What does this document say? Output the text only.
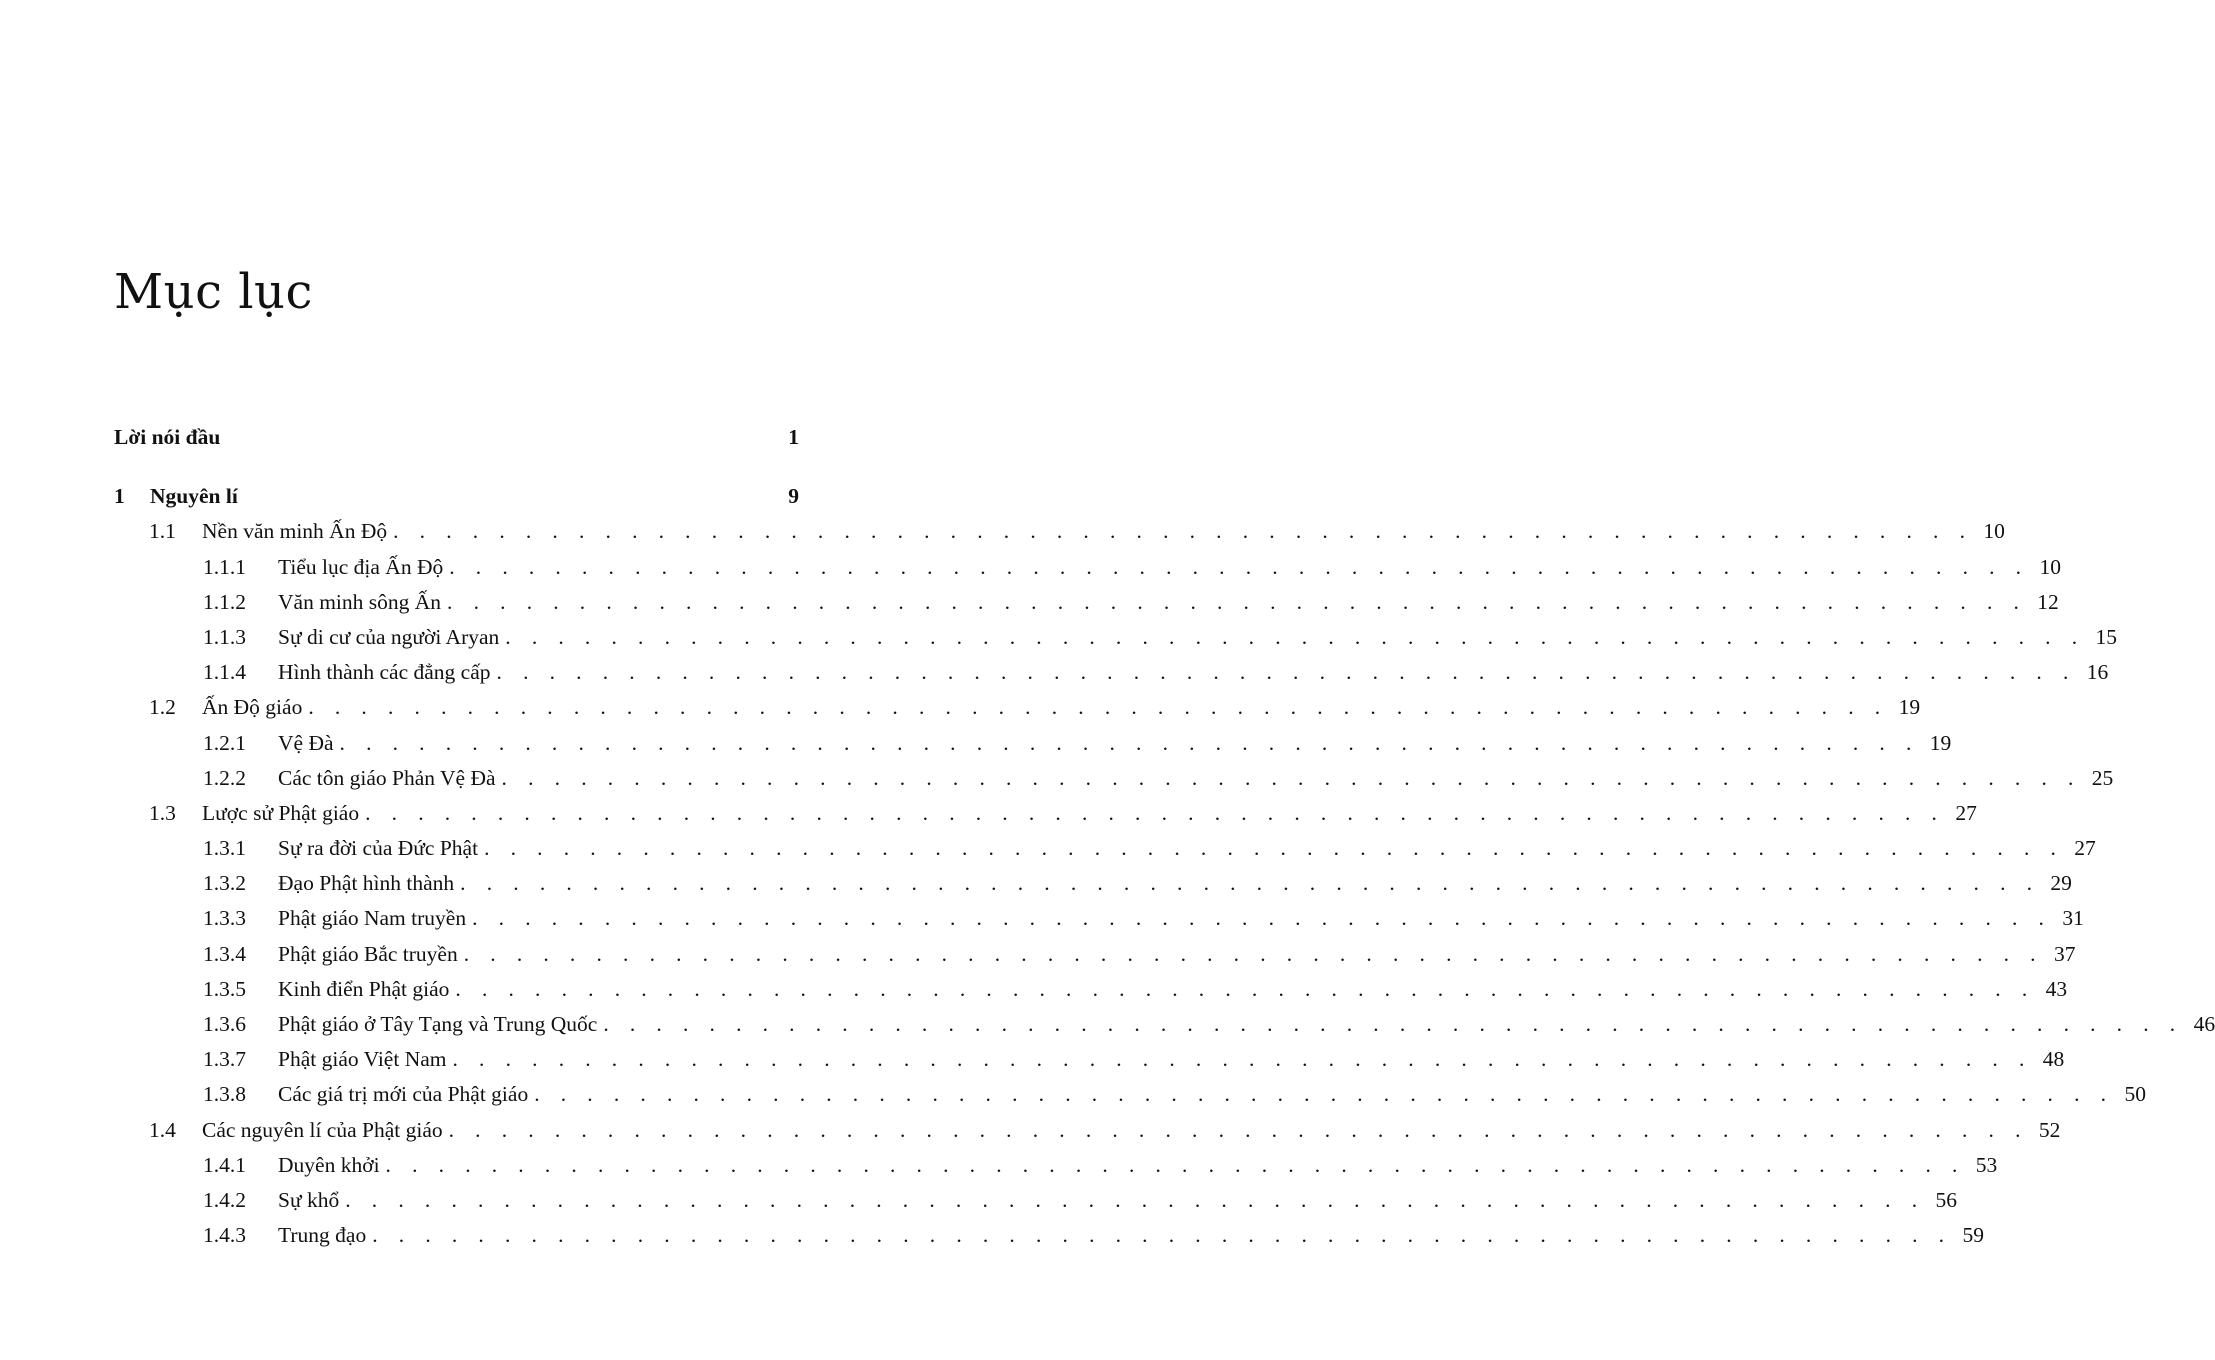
Mục lục
Lời nói đầu	1
1	Nguyên lí	9
1.1	Nền văn minh Ấn Độ . . . . . . . . . . . . . . . . . . . . . . . . . . . . . . . . . . . . . . . . . . . . . . . . . . . . . . . . . . . . 10
1.1.1	Tiểu lục địa Ấn Độ . . . . . . . . . . . . . . . . . . . . . . . . . . . . . . . . . . . . . . . . . . . . . . . . . . . . . . . . . . . . 10
1.1.2	Văn minh sông Ấn . . . . . . . . . . . . . . . . . . . . . . . . . . . . . . . . . . . . . . . . . . . . . . . . . . . . . . . . . . . . 12
1.1.3	Sự di cư của người Aryan . . . . . . . . . . . . . . . . . . . . . . . . . . . . . . . . . . . . . . . . . . . . . . . . . . . . . . . . . . . . 15
1.1.4	Hình thành các đẳng cấp . . . . . . . . . . . . . . . . . . . . . . . . . . . . . . . . . . . . . . . . . . . . . . . . . . . . . . . . . . . . 16
1.2	Ấn Độ giáo . . . . . . . . . . . . . . . . . . . . . . . . . . . . . . . . . . . . . . . . . . . . . . . . . . . . . . . . . . . . 19
1.2.1	Vệ Đà . . . . . . . . . . . . . . . . . . . . . . . . . . . . . . . . . . . . . . . . . . . . . . . . . . . . . . . . . . . . 19
1.2.2	Các tôn giáo Phản Vệ Đà . . . . . . . . . . . . . . . . . . . . . . . . . . . . . . . . . . . . . . . . . . . . . . . . . . . . . . . . . . . . 25
1.3	Lược sử Phật giáo . . . . . . . . . . . . . . . . . . . . . . . . . . . . . . . . . . . . . . . . . . . . . . . . . . . . . . . . . . . . 27
1.3.1	Sự ra đời của Đức Phật . . . . . . . . . . . . . . . . . . . . . . . . . . . . . . . . . . . . . . . . . . . . . . . . . . . . . . . . . . . . 27
1.3.2	Đạo Phật hình thành . . . . . . . . . . . . . . . . . . . . . . . . . . . . . . . . . . . . . . . . . . . . . . . . . . . . . . . . . . . . 29
1.3.3	Phật giáo Nam truyền . . . . . . . . . . . . . . . . . . . . . . . . . . . . . . . . . . . . . . . . . . . . . . . . . . . . . . . . . . . . 31
1.3.4	Phật giáo Bắc truyền . . . . . . . . . . . . . . . . . . . . . . . . . . . . . . . . . . . . . . . . . . . . . . . . . . . . . . . . . . . . 37
1.3.5	Kinh điển Phật giáo . . . . . . . . . . . . . . . . . . . . . . . . . . . . . . . . . . . . . . . . . . . . . . . . . . . . . . . . . . . . 43
1.3.6	Phật giáo ở Tây Tạng và Trung Quốc . . . . . . . . . . . . . . . . . . . . . . . . . . . . . . . . . . . . . . . . . . . . . . . . . . . . . . . . . . . . 46
1.3.7	Phật giáo Việt Nam . . . . . . . . . . . . . . . . . . . . . . . . . . . . . . . . . . . . . . . . . . . . . . . . . . . . . . . . . . . . 48
1.3.8	Các giá trị mới của Phật giáo . . . . . . . . . . . . . . . . . . . . . . . . . . . . . . . . . . . . . . . . . . . . . . . . . . . . . . . . . . . . 50
1.4	Các nguyên lí của Phật giáo . . . . . . . . . . . . . . . . . . . . . . . . . . . . . . . . . . . . . . . . . . . . . . . . . . . . . . . . . . . . 52
1.4.1	Duyên khởi . . . . . . . . . . . . . . . . . . . . . . . . . . . . . . . . . . . . . . . . . . . . . . . . . . . . . . . . . . . . 53
1.4.2	Sự khổ . . . . . . . . . . . . . . . . . . . . . . . . . . . . . . . . . . . . . . . . . . . . . . . . . . . . . . . . . . . . 56
1.4.3	Trung đạo . . . . . . . . . . . . . . . . . . . . . . . . . . . . . . . . . . . . . . . . . . . . . . . . . . . . . . . . . . . . 59
